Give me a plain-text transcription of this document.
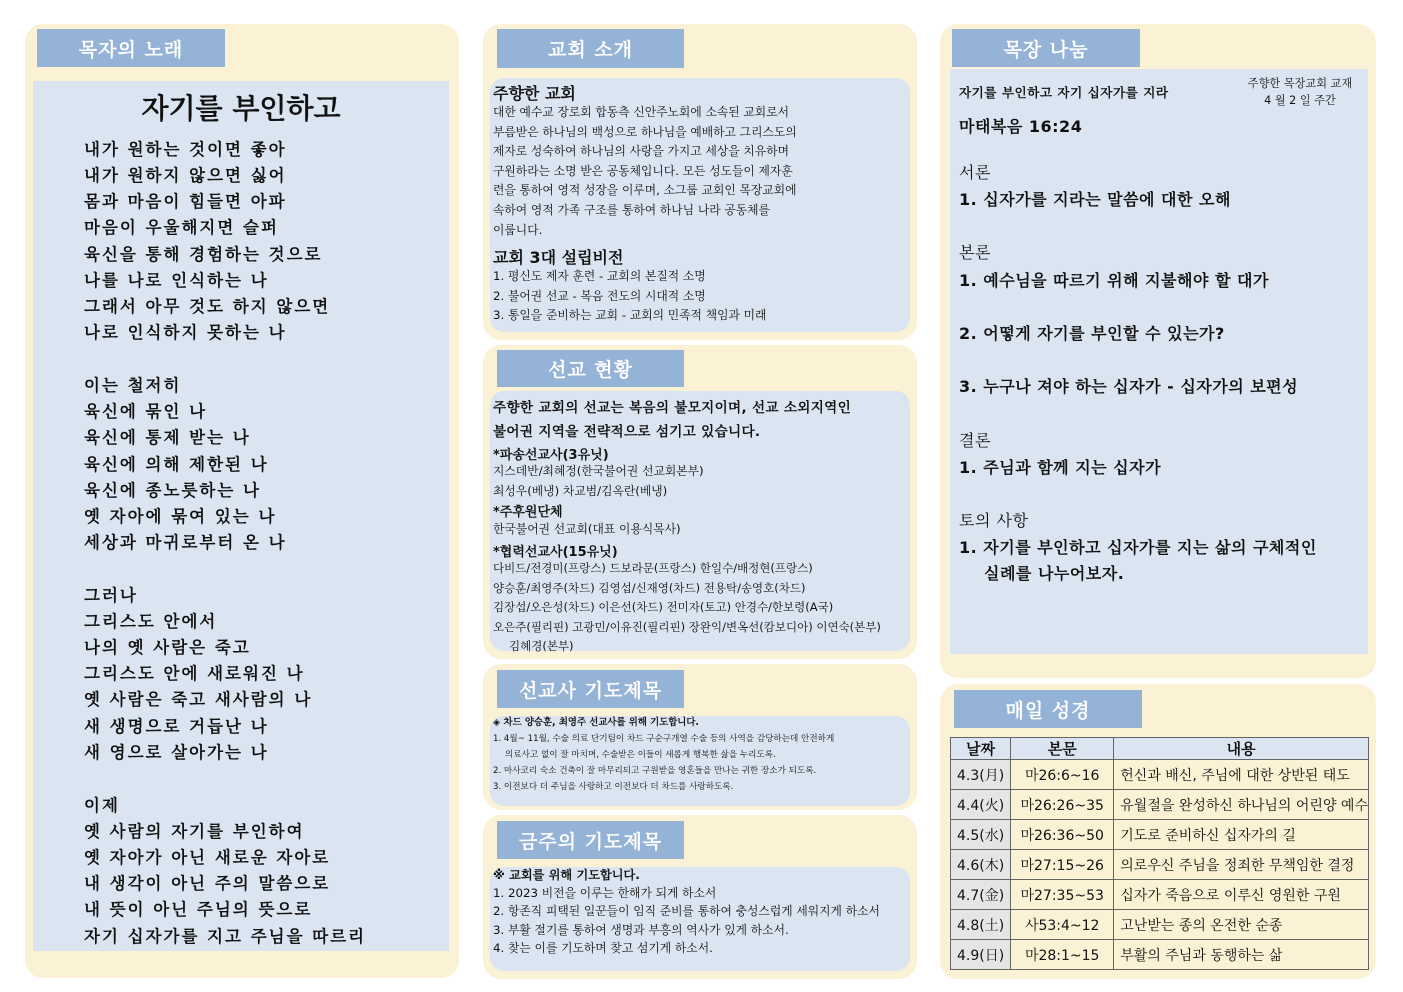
자기를 부인하고
목자의 노래
내가 원하는 것이면 좋아
내가 원하지 않으면 싫어
몸과 마음이 힘들면 아파
마음이 우울해지면 슬퍼
육신을 통해 경험하는 것으로
나를 나로 인식하는 나
그래서 아무 것도 하지 않으면
나로 인식하지 못하는 나
이는 철저히
육신에 묶인 나
육신에 통제 받는 나
육신에 의해 제한된 나
육신에 종노릇하는 나
옛 자아에 묶여 있는 나
세상과 마귀로부터 온 나
그러나
그리스도 안에서
나의 옛 사람은 죽고
그리스도 안에 새로워진 나
옛 사람은 죽고 새사람의 나
새 생명으로 거듭난 나
새 영으로 살아가는 나
이제
옛 사람의 자기를 부인하여
옛 자아가 아닌 새로운 자아로
내 생각이 아닌 주의 말씀으로
내 뜻이 아닌 주님의 뜻으로
자기 십자가를 지고 주님을 따르리
교회 소개
주향한 교회
대한 예수교 장로회 합동측 신안주노회에 소속된 교회로서
부름받은 하나님의 백성으로 하나님을 예배하고 그리스도의
제자로 성숙하여 하나님의 사랑을 가지고 세상을 치유하며
구원하라는 소명 받은 공동체입니다. 모든 성도들이 제자훈
련을 통하여 영적 성장을 이루며, 소그룹 교회인 목장교회에
속하여 영적 가족 구조를 통하여 하나님 나라 공동체를
이룹니다.
교회 3대 설립비전
1. 평신도 제자 훈련 - 교회의 본질적 소명
2. 불어권 선교 - 복음 전도의 시대적 소명
3. 통일을 준비하는 교회 - 교회의 민족적 책임과 미래
선교 현황
주향한 교회의 선교는 복음의 불모지이며, 선교 소외지역인
불어권 지역을 전략적으로 섬기고 있습니다.
*파송선교사(3유닛)
지스데반/최혜정(한국불어권 선교회본부)
최성우(베냉) 차교범/김옥란(베냉)
*주후원단체
한국불어권 선교회(대표 이용식목사)
*협력선교사(15유닛)
다비드/전경미(프랑스) 드보라문(프랑스) 한일수/배정현(프랑스)
양승훈/최영주(차드) 김영섭/신재영(차드) 전용탁/송영호(차드)
김장섭/오은성(차드) 이은선(차드) 전미자(토고) 안경수/한보령(A국)
오은주(필리핀) 고광민/이유진(필리핀) 장완익/변옥선(캄보디아) 이연숙(본부)
김혜경(본부)
선교사 기도제목
◈ 차드 양승훈, 최영주 선교사를 위해 기도합니다.
1. 4월~ 11월, 수술 의료 단기팀이 차드 구순구개열 수술 등의 사역을 감당하는데 안전하게
의료사고 없이 잘 마치며, 수술받은 이들이 새롭게 행복한 삶을 누리도록.
2. 마사코리 숙소 건축이 잘 마무리되고 구원받을 영혼들을 만나는 귀한 장소가 되도록.
3. 이전보다 더 주님을 사랑하고 이전보다 더 차드를 사랑하도록.
금주의 기도제목
※ 교회를 위해 기도합니다.
1. 2023 비전을 이루는 한해가 되게 하소서
2. 항존직 피택된 일꾼들이 임직 준비를 통하여 충성스럽게 세워지게 하소서
3. 부활 절기를 통하여 생명과 부흥의 역사가 있게 하소서.
4. 찾는 이를 기도하며 찾고 섬기게 하소서.
목장 나눔
자기를 부인하고 자기 십자가를 지라
주향한 목장교회 교재
4 월 2 일 주간
마태복음 16:24
서론
1. 십자가를 지라는 말씀에 대한 오해
본론
1. 예수님을 따르기 위해 지불해야 할 대가
2. 어떻게 자기를 부인할 수 있는가?
3. 누구나 져야 하는 십자가 - 십자가의 보편성
결론
1. 주님과 함께 지는 십자가
토의 사항
1. 자기를 부인하고 십자가를 지는 삶의 구체적인
실례를 나누어보자.
매일 성경
날짜	본문	내용
4.3(月)	마26:6~16	헌신과 배신, 주님에 대한 상반된 태도
4.4(火)	마26:26~35	유월절을 완성하신 하나님의 어린양 예수
4.5(水)	마26:36~50	기도로 준비하신 십자가의 길
4.6(木)	마27:15~26	의로우신 주님을 정죄한 무책임한 결정
4.7(金)	마27:35~53	십자가 죽음으로 이루신 영원한 구원
4.8(土)	사53:4~12	고난받는 종의 온전한 순종
4.9(日)	마28:1~15	부활의 주님과 동행하는 삶
